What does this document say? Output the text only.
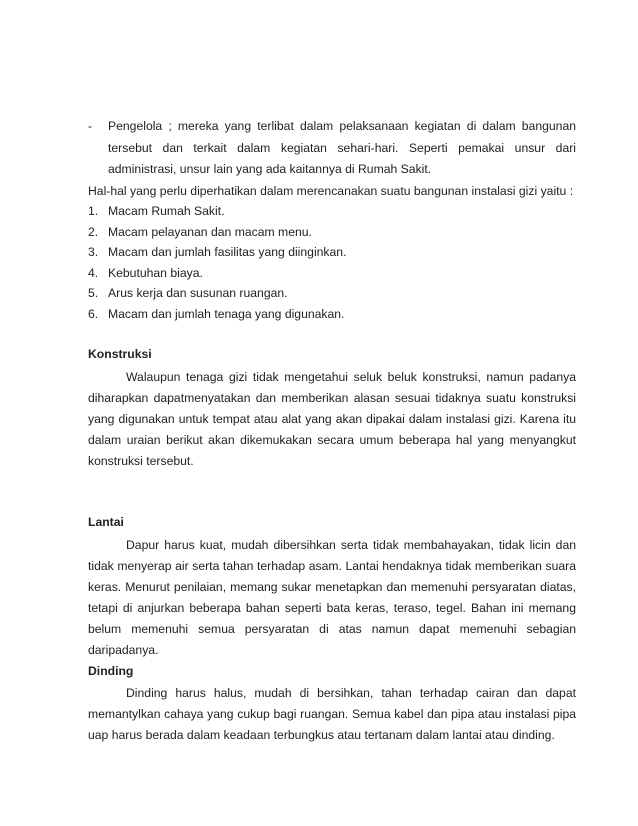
- Pengelola ; mereka yang terlibat dalam pelaksanaan kegiatan di dalam bangunan tersebut dan terkait dalam kegiatan sehari-hari. Seperti pemakai unsur dari administrasi, unsur lain yang ada kaitannya di Rumah Sakit.
Hal-hal yang perlu diperhatikan dalam merencanakan suatu bangunan instalasi gizi yaitu :
1. Macam Rumah Sakit.
2. Macam pelayanan dan macam menu.
3. Macam dan jumlah fasilitas yang diinginkan.
4. Kebutuhan biaya.
5. Arus kerja dan susunan ruangan.
6. Macam dan jumlah tenaga yang digunakan.
Konstruksi

Walaupun tenaga gizi tidak mengetahui seluk beluk konstruksi, namun padanya diharapkan dapatmenyatakan dan memberikan alasan sesuai tidaknya suatu konstruksi yang digunakan untuk tempat atau alat yang akan dipakai dalam instalasi gizi. Karena itu dalam uraian berikut akan dikemukakan secara umum beberapa hal yang menyangkut konstruksi tersebut.

Lantai

Dapur harus kuat, mudah dibersihkan serta tidak membahayakan, tidak licin dan tidak menyerap air serta tahan terhadap asam. Lantai hendaknya tidak memberikan suara keras. Menurut penilaian, memang sukar menetapkan dan memenuhi persyaratan diatas, tetapi di anjurkan beberapa bahan seperti bata keras, teraso, tegel. Bahan ini memang belum memenuhi semua persyaratan di atas namun dapat memenuhi sebagian daripadanya.

Dinding

Dinding harus halus, mudah di bersihkan, tahan terhadap cairan dan dapat memantylkan cahaya yang cukup bagi ruangan. Semua kabel dan pipa atau instalasi pipa uap harus berada dalam keadaan terbungkus atau tertanam dalam lantai atau dinding.
